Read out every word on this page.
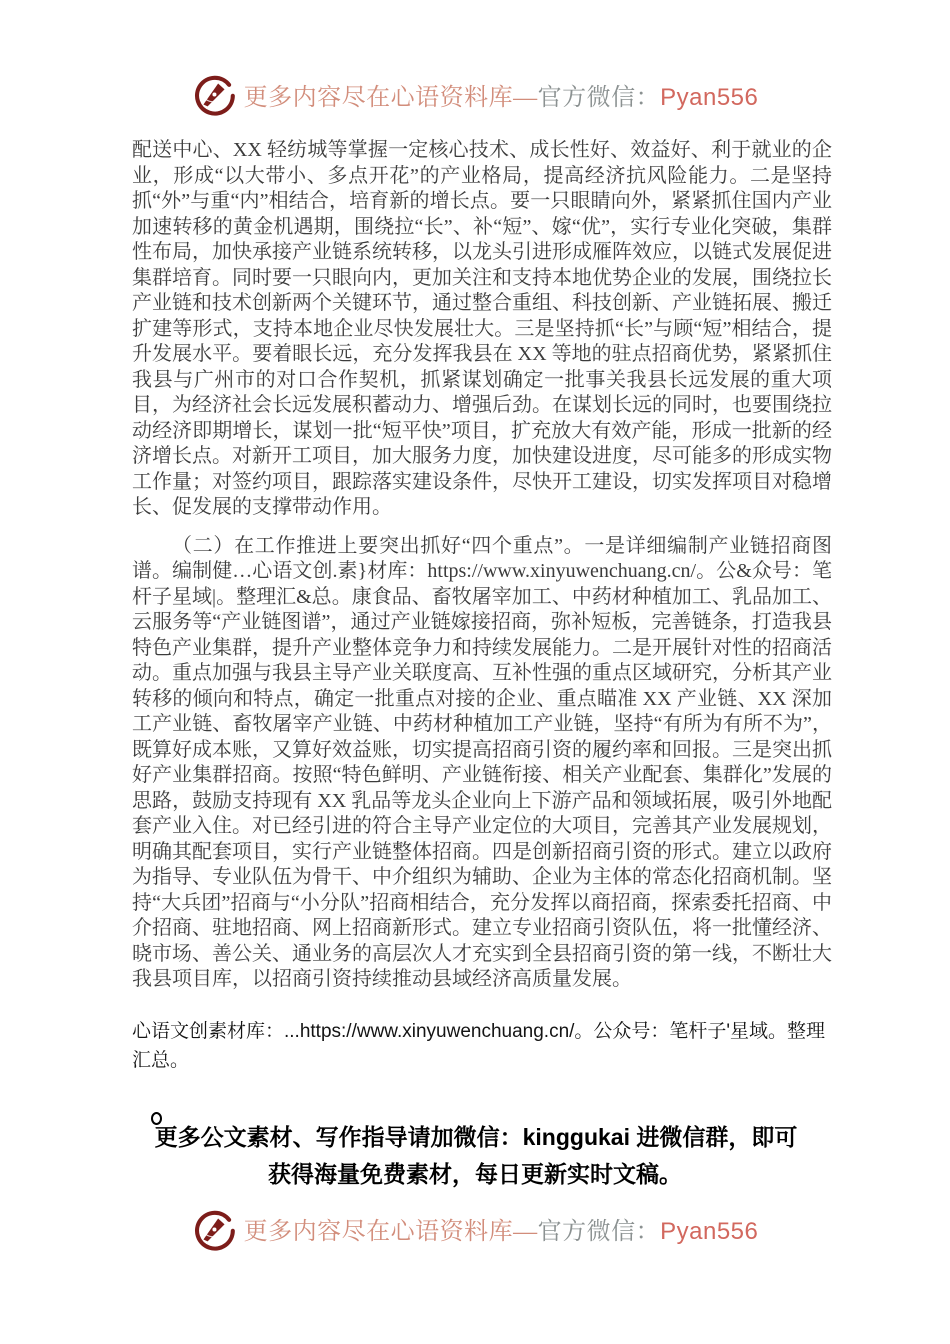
更多内容尽在心语资料库—官方微信：Pyan556

配送中心、XX 轻纺城等掌握一定核心技术、成长性好、效益好、利于就业的企业，形成“以大带小、多点开花”的产业格局，提高经济抗风险能力。二是坚持抓“外”与重“内”相结合，培育新的增长点。要一只眼睛向外，紧紧抓住国内产业加速转移的黄金机遇期，围绕拉“长”、补“短”、嫁“优”，实行专业化突破，集群性布局，加快承接产业链系统转移，以龙头引进形成雁阵效应，以链式发展促进集群培育。同时要一只眼向内，更加关注和支持本地优势企业的发展，围绕拉长产业链和技术创新两个关键环节，通过整合重组、科技创新、产业链拓展、搬迁扩建等形式，支持本地企业尽快发展壮大。三是坚持抓“长”与顾“短”相结合，提升发展水平。要着眼长远，充分发挥我县在 XX 等地的驻点招商优势，紧紧抓住我县与广州市的对口合作契机，抓紧谋划确定一批事关我县长远发展的重大项目，为经济社会长远发展积蓄动力、增强后劲。在谋划长远的同时，也要围绕拉动经济即期增长，谋划一批“短平快”项目，扩充放大有效产能，形成一批新的经济增长点。对新开工项目，加大服务力度，加快建设进度，尽可能多的形成实物工作量；对签约项目，跟踪落实建设条件，尽快开工建设，切实发挥项目对稳增长、促发展的支撑带动作用。

（二）在工作推进上要突出抓好“四个重点”。一是详细编制产业链招商图谱。编制健…心语文创.素}材库：https://www.xinyuwenchuang.cn/。公&众号：笔杆子星域|。整理汇&总。康食品、畜牧屠宰加工、中药材种植加工、乳品加工、云服务等“产业链图谱”，通过产业链嫁接招商，弥补短板，完善链条，打造我县特色产业集群，提升产业整体竞争力和持续发展能力。二是开展针对性的招商活动。重点加强与我县主导产业关联度高、互补性强的重点区域研究，分析其产业转移的倾向和特点，确定一批重点对接的企业、重点瞄准 XX 产业链、XX 深加工产业链、畜牧屠宰产业链、中药材种植加工产业链，坚持“有所为有所不为”，既算好成本账，又算好效益账，切实提高招商引资的履约率和回报。三是突出抓好产业集群招商。按照“特色鲜明、产业链衔接、相关产业配套、集群化”发展的思路，鼓励支持现有 XX 乳品等龙头企业向上下游产品和领域拓展，吸引外地配套产业入住。对已经引进的符合主导产业定位的大项目，完善其产业发展规划，明确其配套项目，实行产业链整体招商。四是创新招商引资的形式。建立以政府为指导、专业队伍为骨干、中介组织为辅助、企业为主体的常态化招商机制。坚持“大兵团”招商与“小分队”招商相结合，充分发挥以商招商，探索委托招商、中介招商、驻地招商、网上招商新形式。建立专业招商引资队伍，将一批懂经济、晓市场、善公关、通业务的高层次人才充实到全县招商引资的第一线，不断壮大我县项目库，以招商引资持续推动县域经济高质量发展。

心语文创素材库：...https://www.xinyuwenchuang.cn/。公众号：笔杆子'星域。整理汇总。

更多公文素材、写作指导请加微信：kinggukai 进微信群，即可
获得海量免费素材，每日更新实时文稿。
更多内容尽在心语资料库—官方微信：Pyan556
